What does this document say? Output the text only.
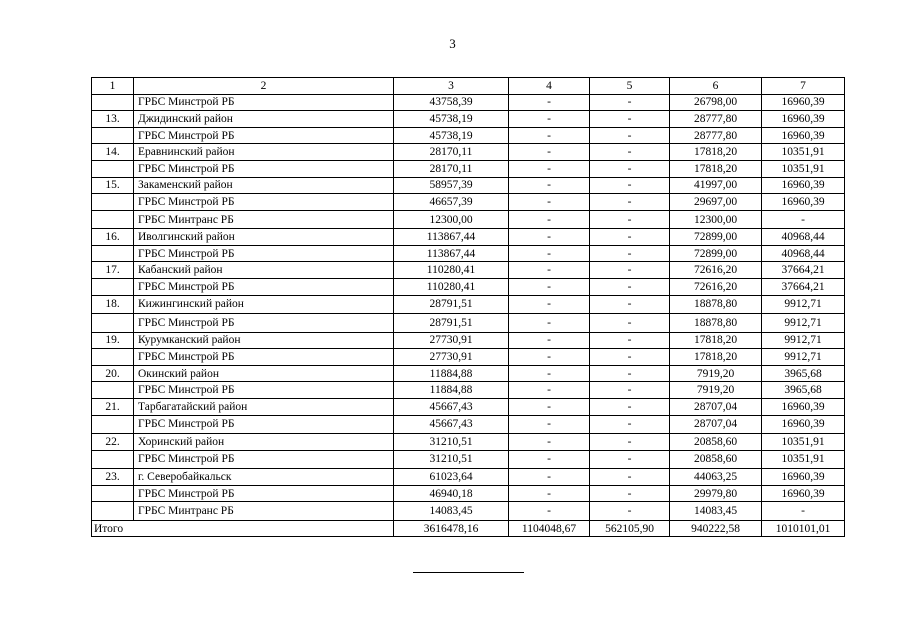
3
1	2	3	4	5	6	7
	ГРБС Минстрой РБ	43758,39	-	-	26798,00	16960,39
13.	Джидинский район	45738,19	-	-	28777,80	16960,39
	ГРБС Минстрой РБ	45738,19	-	-	28777,80	16960,39
14.	Еравнинский район	28170,11	-	-	17818,20	10351,91
	ГРБС Минстрой РБ	28170,11	-	-	17818,20	10351,91
15.	Закаменский район	58957,39	-	-	41997,00	16960,39
	ГРБС Минстрой РБ	46657,39	-	-	29697,00	16960,39
	ГРБС Минтранс РБ	12300,00	-	-	12300,00	-
16.	Иволгинский район	113867,44	-	-	72899,00	40968,44
	ГРБС Минстрой РБ	113867,44	-	-	72899,00	40968,44
17.	Кабанский район	110280,41	-	-	72616,20	37664,21
	ГРБС Минстрой РБ	110280,41	-	-	72616,20	37664,21
18.	Кижингинский район	28791,51	-	-	18878,80	9912,71
	ГРБС Минстрой РБ	28791,51	-	-	18878,80	9912,71
19.	Курумканский район	27730,91	-	-	17818,20	9912,71
	ГРБС Минстрой РБ	27730,91	-	-	17818,20	9912,71
20.	Окинский район	11884,88	-	-	7919,20	3965,68
	ГРБС Минстрой РБ	11884,88	-	-	7919,20	3965,68
21.	Тарбагатайский район	45667,43	-	-	28707,04	16960,39
	ГРБС Минстрой РБ	45667,43	-	-	28707,04	16960,39
22.	Хоринский район	31210,51	-	-	20858,60	10351,91
	ГРБС Минстрой РБ	31210,51	-	-	20858,60	10351,91
23.	г. Северобайкальск	61023,64	-	-	44063,25	16960,39
	ГРБС Минстрой РБ	46940,18	-	-	29979,80	16960,39
	ГРБС Минтранс РБ	14083,45	-	-	14083,45	-
Итого		3616478,16	1104048,67	562105,90	940222,58	1010101,01
